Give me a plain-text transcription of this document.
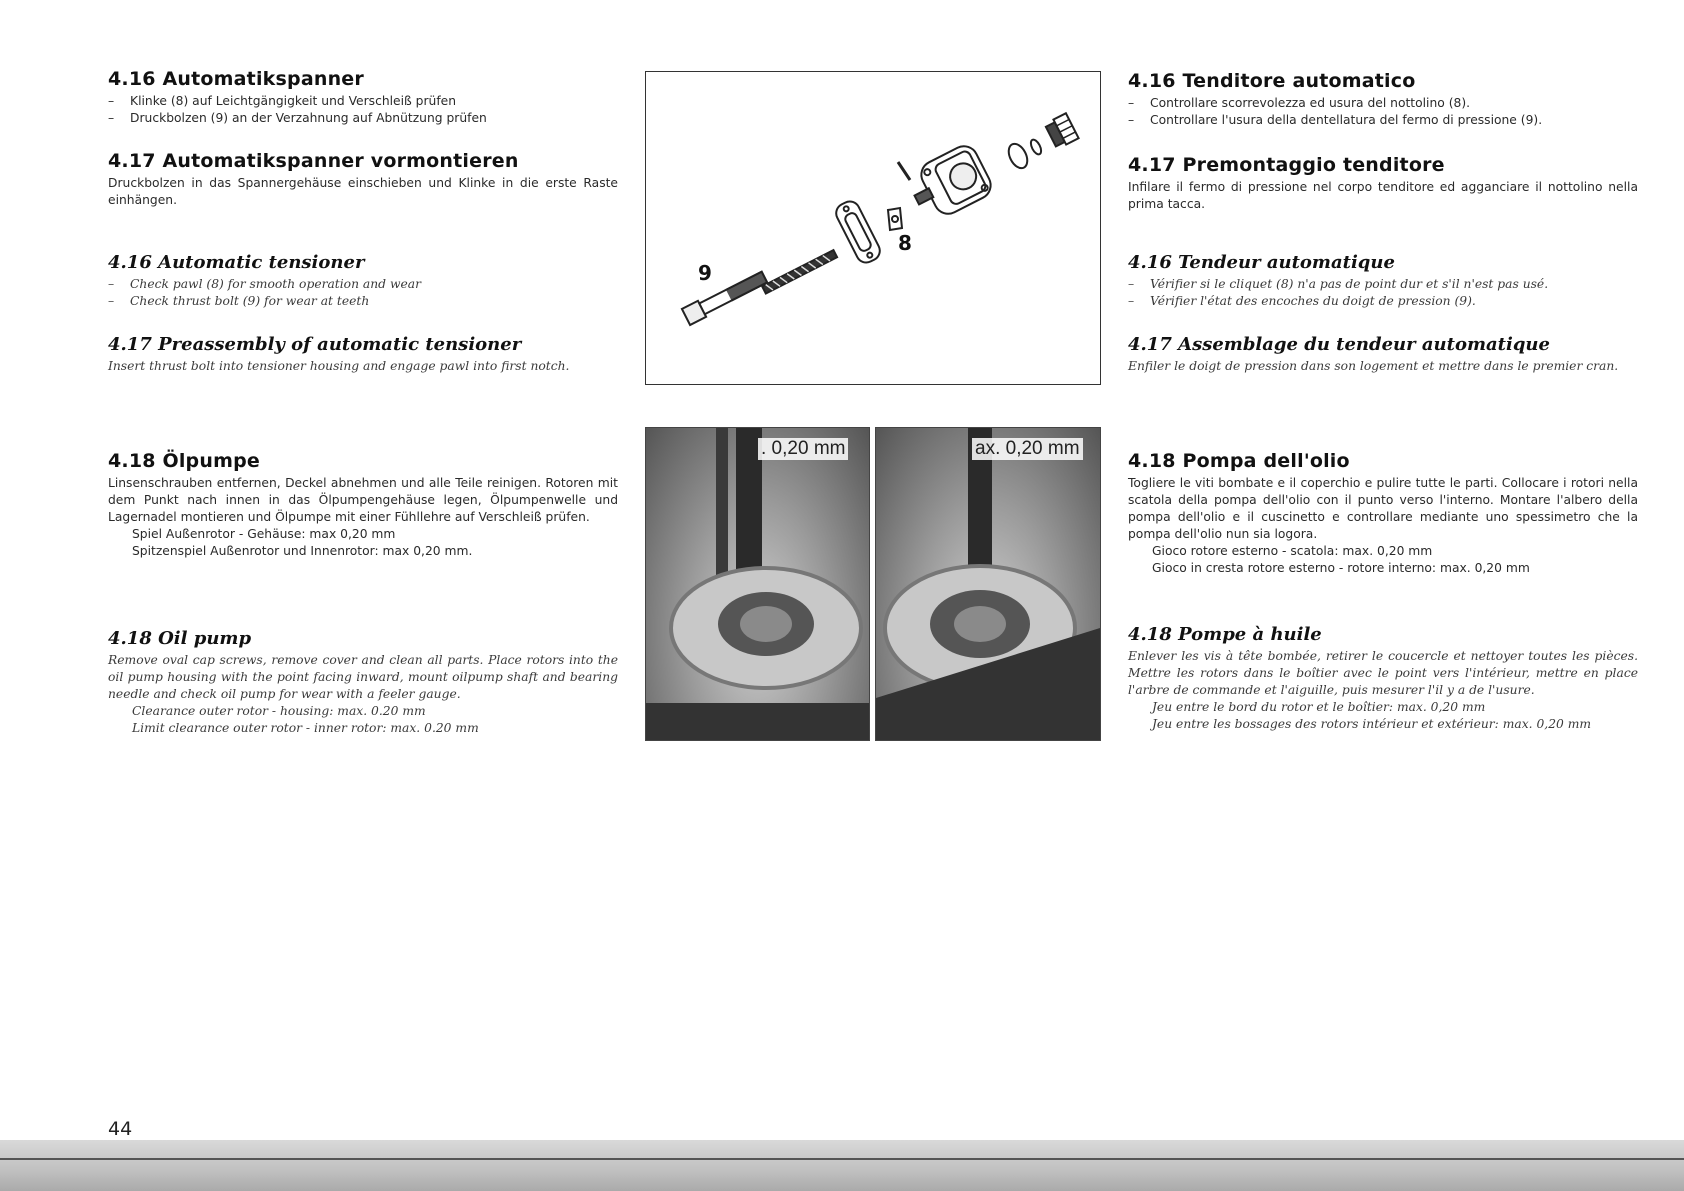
4.16 Automatikspanner
– Klinke (8) auf Leichtgängigkeit und Verschleiß prüfen
– Druckbolzen (9) an der Verzahnung auf Abnützung prüfen
4.17 Automatikspanner vormontieren

Druckbolzen in das Spannergehäuse einschieben und Klinke in die erste Raste einhängen.

4.16 Automatic tensioner
– Check pawl (8) for smooth operation and wear
– Check thrust bolt (9) for wear at teeth
4.17 Preassembly of automatic tensioner

Insert thrust bolt into tensioner housing and engage pawl into first notch.

4.18 Ölpumpe

Linsenschrauben entfernen, Deckel abnehmen und alle Teile reinigen. Rotoren mit dem Punkt nach innen in das Ölpumpengehäuse legen, Ölpumpenwelle und Lagernadel montieren und Ölpumpe mit einer Fühllehre auf Verschleiß prüfen.

Spiel Außenrotor - Gehäuse: max 0,20 mm

Spitzenspiel Außenrotor und Innenrotor: max 0,20 mm.

4.18 Oil pump

Remove oval cap screws, remove cover and clean all parts. Place rotors into the oil pump housing with the point facing inward, mount oilpump shaft and bearing needle and check oil pump for wear with a feeler gauge.

Clearance outer rotor - housing: max. 0.20 mm

Limit clearance outer rotor - inner rotor: max. 0.20 mm

9
8
. 0,20 mm	ax. 0,20 mm
4.16 Tenditore automatico
– Controllare scorrevolezza ed usura del nottolino (8).
– Controllare l'usura della dentellatura del fermo di pressione (9).
4.17 Premontaggio tenditore

Infilare il fermo di pressione nel corpo tenditore ed agganciare il nottolino nella prima tacca.

4.16 Tendeur automatique
– Vérifier si le cliquet (8) n'a pas de point dur et s'il n'est pas usé.
– Vérifier l'état des encoches du doigt de pression (9).
4.17 Assemblage du tendeur automatique

Enfiler le doigt de pression dans son logement et mettre dans le premier cran.

4.18 Pompa dell'olio

Togliere le viti bombate e il coperchio e pulire tutte le parti. Collocare i rotori nella scatola della pompa dell'olio con il punto verso l'interno. Montare l'albero della pompa dell'olio e il cuscinetto e controllare mediante uno spessimetro che la pompa dell'olio nun sia logora.

Gioco rotore esterno - scatola: max. 0,20 mm

Gioco in cresta rotore esterno - rotore interno: max. 0,20 mm

4.18 Pompe à huile

Enlever les vis à tête bombée, retirer le coucercle et nettoyer toutes les pièces. Mettre les rotors dans le boîtier avec le point vers l'intérieur, mettre en place l'arbre de commande et l'aiguille, puis mesurer l'il y a de l'usure.

Jeu entre le bord du rotor et le boîtier: max. 0,20 mm

Jeu entre les bossages des rotors intérieur et extérieur: max. 0,20 mm

44
